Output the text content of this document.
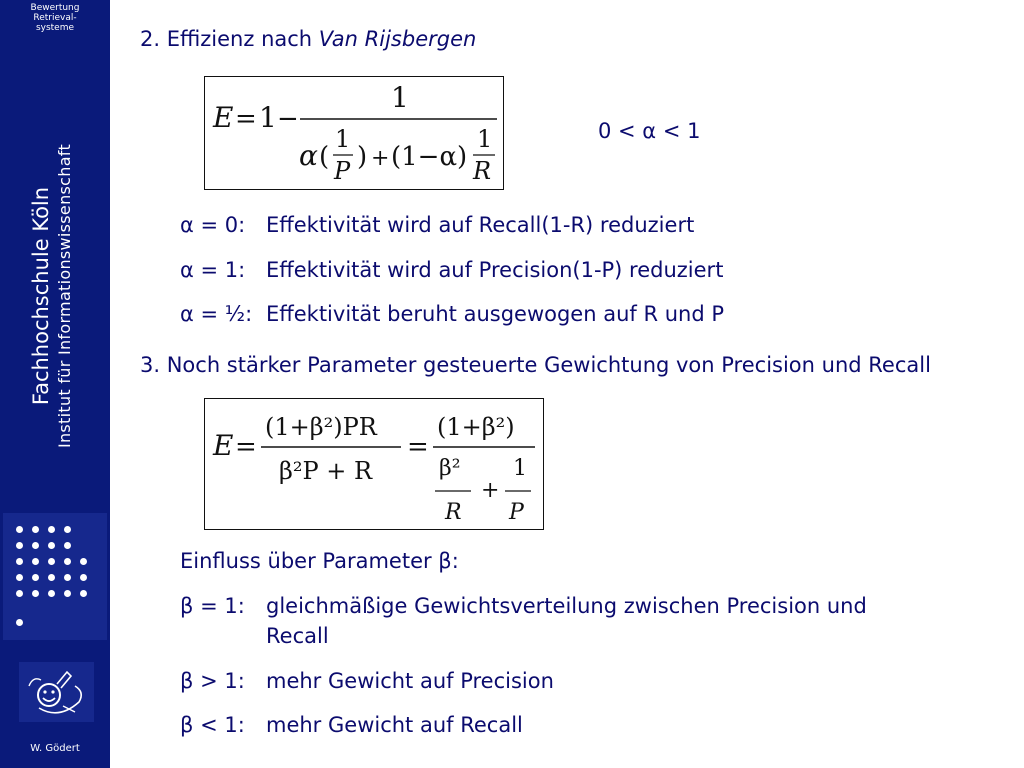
Bewertung
Retrieval-
systeme
Fachhochschule Köln Institut für Informationswissenschaft
W. Gödert
2. Effizienz nach Van Rijsbergen
E = 1 −
1
α (
1
P ) + (1−α)
1
R
0 < α < 1
α = 0: Effektivität wird auf Recall(1-R) reduziert
α = 1: Effektivität wird auf Precision(1-P) reduziert
α = ½: Effektivität beruht ausgewogen auf R und P
3. Noch stärker Parameter gesteuerte Gewichtung von Precision und Recall
E =
(1+β²)PR
β²P + R
=
(1+β²)
β²
R
+
1
P
Einfluss über Parameter β:
β = 1: gleichmäßige Gewichtsverteilung zwischen Precision und
Recall
β > 1: mehr Gewicht auf Precision
β < 1: mehr Gewicht auf Recall
